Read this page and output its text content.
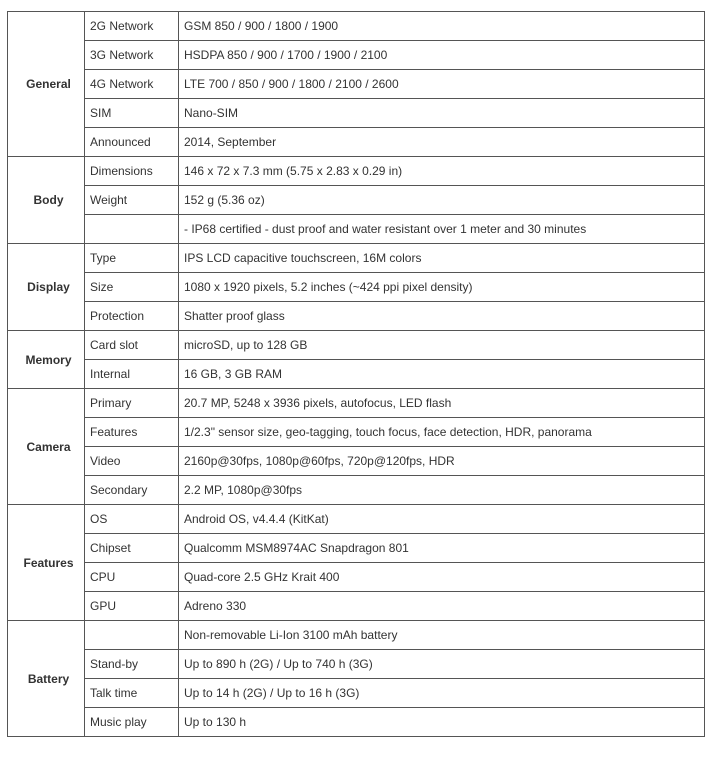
General	2G Network	GSM 850 / 900 / 1800 / 1900
	3G Network	HSDPA 850 / 900 / 1700 / 1900 / 2100
	4G Network	LTE 700 / 850 / 900 / 1800 / 2100 / 2600
	SIM	Nano-SIM
	Announced	2014, September
Body	Dimensions	146 x 72 x 7.3 mm (5.75 x 2.83 x 0.29 in)
	Weight	152 g (5.36 oz)
		- IP68 certified - dust proof and water resistant over 1 meter and 30 minutes
Display	Type	IPS LCD capacitive touchscreen, 16M colors
	Size	1080 x 1920 pixels, 5.2 inches (~424 ppi pixel density)
	Protection	Shatter proof glass
Memory	Card slot	microSD, up to 128 GB
	Internal	16 GB, 3 GB RAM
Camera	Primary	20.7 MP, 5248 x 3936 pixels, autofocus, LED flash
	Features	1/2.3" sensor size, geo-tagging, touch focus, face detection, HDR, panorama
	Video	2160p@30fps, 1080p@60fps, 720p@120fps, HDR
	Secondary	2.2 MP, 1080p@30fps
Features	OS	Android OS, v4.4.4 (KitKat)
	Chipset	Qualcomm MSM8974AC Snapdragon 801
	CPU	Quad-core 2.5 GHz Krait 400
	GPU	Adreno 330
Battery		Non-removable Li-Ion 3100 mAh battery
	Stand-by	Up to 890 h (2G) / Up to 740 h (3G)
	Talk time	Up to 14 h (2G) / Up to 16 h (3G)
	Music play	Up to 130 h
